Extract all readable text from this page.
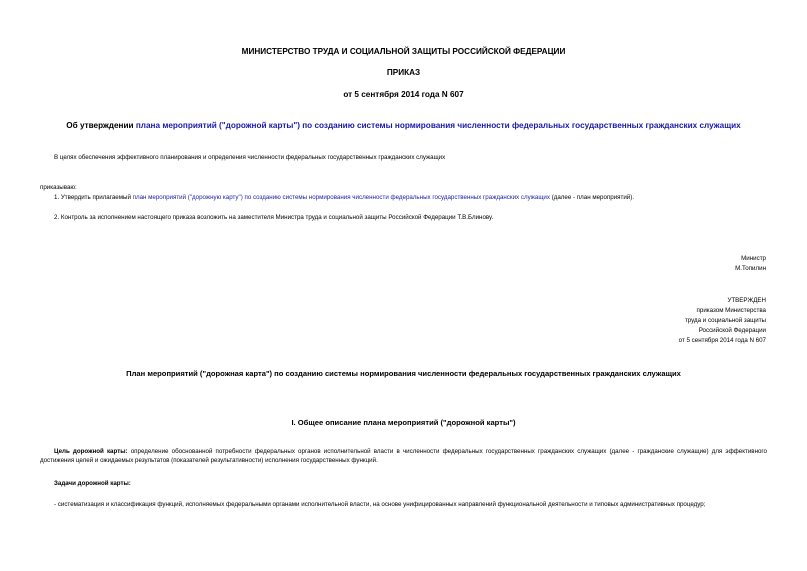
МИНИСТЕРСТВО ТРУДА И СОЦИАЛЬНОЙ ЗАЩИТЫ РОССИЙСКОЙ ФЕДЕРАЦИИ
ПРИКАЗ
от 5 сентября 2014 года N 607
Об утверждении плана мероприятий ("дорожной карты") по созданию системы нормирования численности федеральных государственных гражданских служащих
В целях обеспечения эффективного планирования и определения численности федеральных государственных гражданских служащих
приказываю:
1. Утвердить прилагаемый план мероприятий ("дорожную карту") по созданию системы нормирования численности федеральных государственных гражданских служащих (далее - план мероприятий).
2. Контроль за исполнением настоящего приказа возложить на заместителя Министра труда и социальной защиты Российской Федерации Т.В.Блинову.
Министр
М.Топилин
УТВЕРЖДЕН
приказом Министерства
труда и социальной защиты
Российской Федерации
от 5 сентября 2014 года N 607
План мероприятий ("дорожная карта") по созданию системы нормирования численности федеральных государственных гражданских служащих
I. Общее описание плана мероприятий ("дорожной карты")
Цель дорожной карты: определение обоснованной потребности федеральных органов исполнительной власти в численности федеральных государственных гражданских служащих (далее - гражданские служащие) для эффективного достижения целей и ожидаемых результатов (показателей результативности) исполнения государственных функций.
Задачи дорожной карты:
- систематизация и классификация функций, исполняемых федеральными органами исполнительной власти, на основе унифицированных направлений функциональной деятельности и типовых административных процедур;
